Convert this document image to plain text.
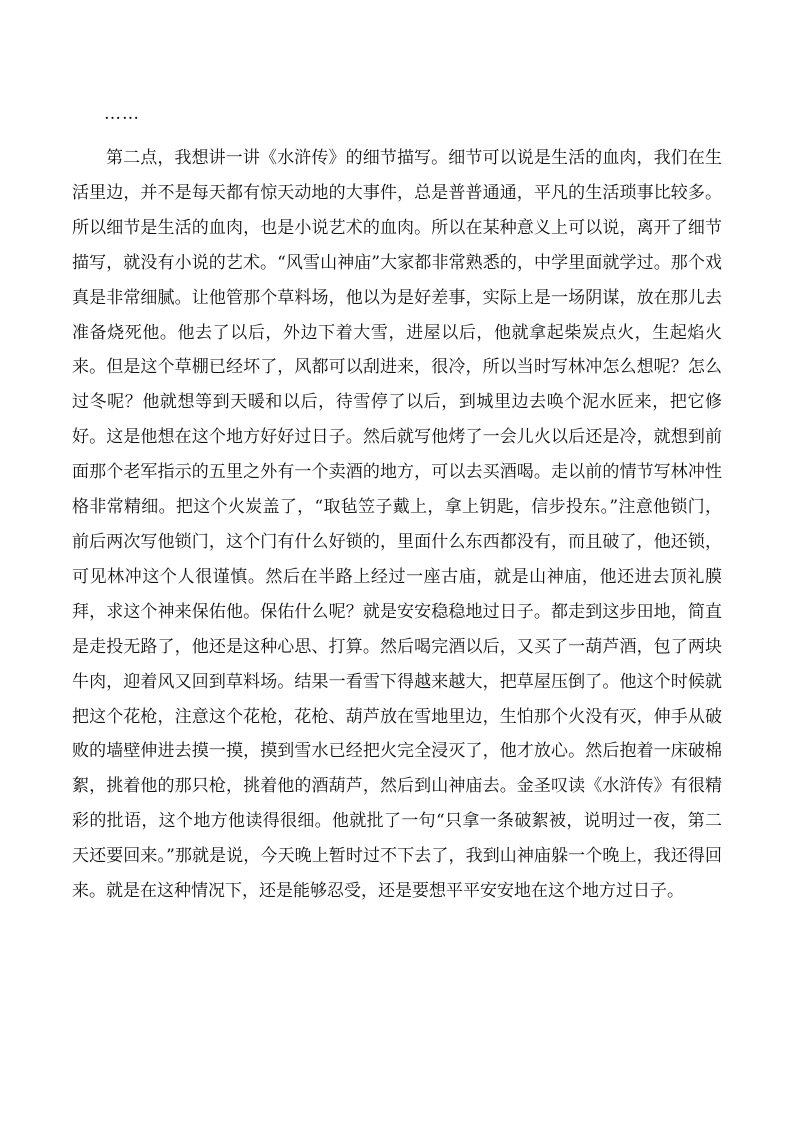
……

第二点，我想讲一讲《水浒传》的细节描写。细节可以说是生活的血肉，我们在生活里边，并不是每天都有惊天动地的大事件，总是普普通通，平凡的生活琐事比较多。所以细节是生活的血肉，也是小说艺术的血肉。所以在某种意义上可以说，离开了细节描写，就没有小说的艺术。“风雪山神庙”大家都非常熟悉的，中学里面就学过。那个戏真是非常细腻。让他管那个草料场，他以为是好差事，实际上是一场阴谋，放在那儿去准备烧死他。他去了以后，外边下着大雪，进屋以后，他就拿起柴炭点火，生起焰火来。但是这个草棚已经坏了，风都可以刮进来，很冷，所以当时写林冲怎么想呢？怎么过冬呢？他就想等到天暖和以后，待雪停了以后，到城里边去唤个泥水匠来，把它修好。这是他想在这个地方好好过日子。然后就写他烤了一会儿火以后还是冷，就想到前面那个老军指示的五里之外有一个卖酒的地方，可以去买酒喝。走以前的情节写林冲性格非常精细。把这个火炭盖了，“取毡笠子戴上，拿上钥匙，信步投东。”注意他锁门，前后两次写他锁门，这个门有什么好锁的，里面什么东西都没有，而且破了，他还锁，可见林冲这个人很谨慎。然后在半路上经过一座古庙，就是山神庙，他还进去顶礼膜拜，求这个神来保佑他。保佑什么呢？就是安安稳稳地过日子。都走到这步田地，简直是走投无路了，他还是这种心思、打算。然后喝完酒以后，又买了一葫芦酒，包了两块牛肉，迎着风又回到草料场。结果一看雪下得越来越大，把草屋压倒了。他这个时候就把这个花枪，注意这个花枪，花枪、葫芦放在雪地里边，生怕那个火没有灭，伸手从破败的墙壁伸进去摸一摸，摸到雪水已经把火完全浸灭了，他才放心。然后抱着一床破棉絮，挑着他的那只枪，挑着他的酒葫芦，然后到山神庙去。金圣叹读《水浒传》有很精彩的批语，这个地方他读得很细。他就批了一句“只拿一条破絮被，说明过一夜，第二天还要回来。”那就是说，今天晚上暂时过不下去了，我到山神庙躲一个晚上，我还得回来。就是在这种情况下，还是能够忍受，还是要想平平安安地在这个地方过日子。
